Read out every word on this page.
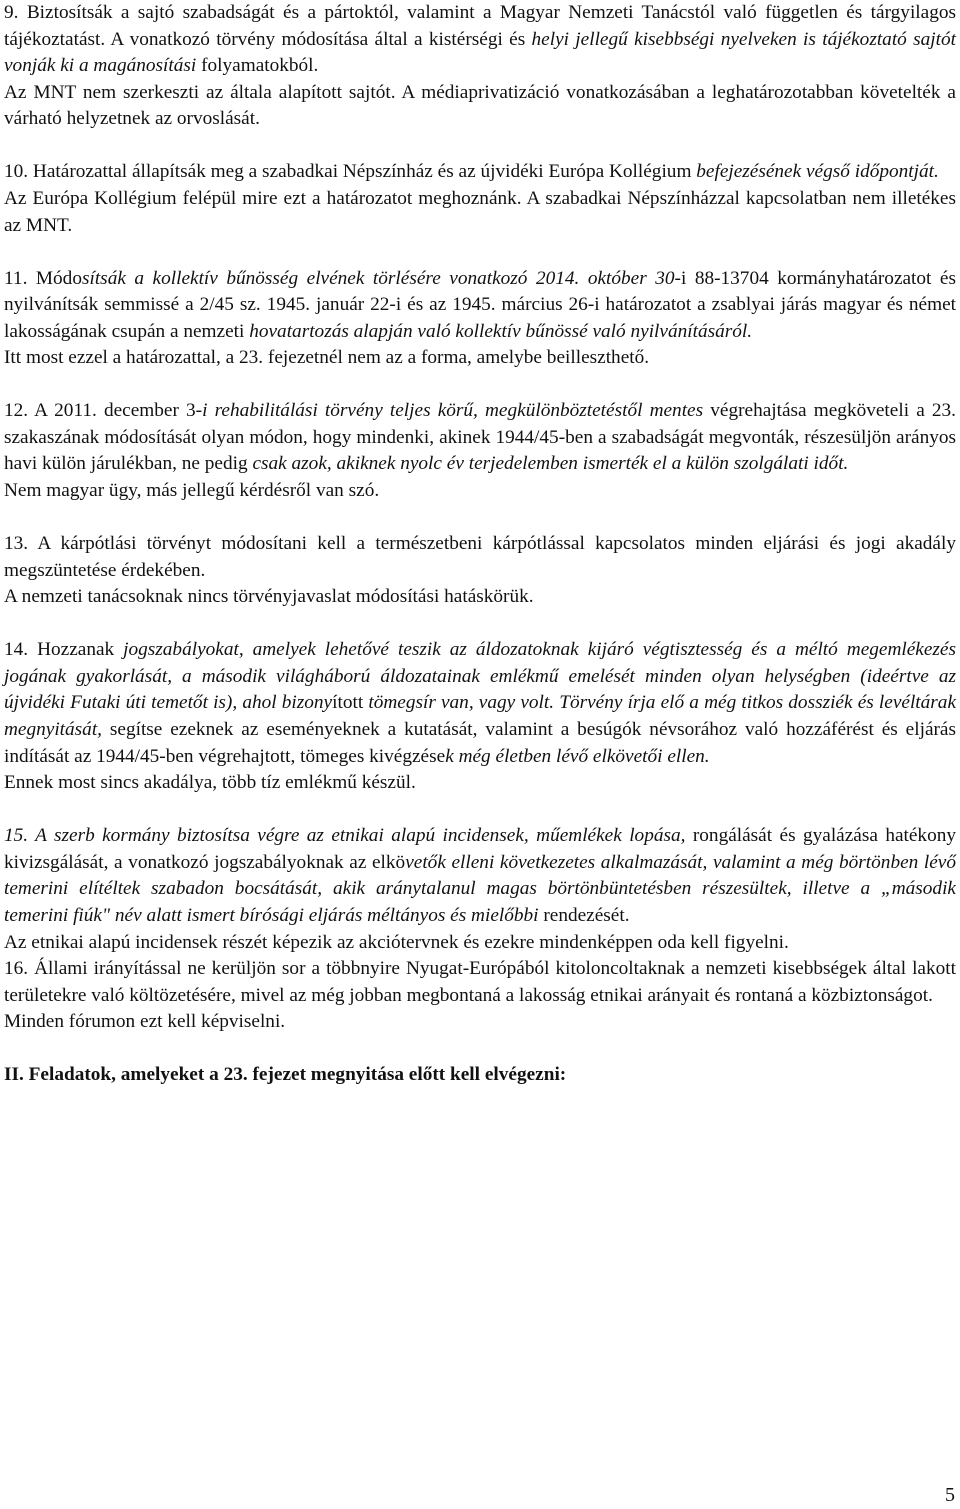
9. Biztosítsák a sajtó szabadságát és a pártoktól, valamint a Magyar Nemzeti Tanácstól való független és tárgyilagos tájékoztatást. A vonatkozó törvény módosítása által a kistérségi és helyi jellegű kisebbségi nyelveken is tájékoztató sajtót vonják ki a magánosítási folyamatokból.

Az MNT nem szerkeszti az általa alapított sajtót. A médiaprivatizáció vonatkozásában a leghatározotabban követelték a várható helyzetnek az orvoslását.

10. Határozattal állapítsák meg a szabadkai Népszínház és az újvidéki Európa Kollégium befejezésének végső időpontját.

Az Európa Kollégium felépül mire ezt a határozatot meghoznánk. A szabadkai Népszínházzal kapcsolatban nem illetékes az MNT.

11. Módosítsák a kollektív bűnösség elvének törlésére vonatkozó 2014. október 30-i 88-13704 kormányhatározatot és nyilvánítsák semmissé a 2/45 sz. 1945. január 22-i és az 1945. március 26-i határozatot a zsablyai járás magyar és német lakosságának csupán a nemzeti hovatartozás alapján való kollektív bűnössé való nyilvánításáról.

Itt most ezzel a határozattal, a 23. fejezetnél nem az a forma, amelybe beilleszthető.

12. A 2011. december 3-i rehabilitálási törvény teljes körű, megkülönböztetéstől mentes végrehajtása megköveteli a 23. szakaszának módosítását olyan módon, hogy mindenki, akinek 1944/45-ben a szabadságát megvonták, részesüljön arányos havi külön járulékban, ne pedig csak azok, akiknek nyolc év terjedelemben ismerték el a külön szolgálati időt.

Nem magyar ügy, más jellegű kérdésről van szó.

13. A kárpótlási törvényt módosítani kell a természetbeni kárpótlással kapcsolatos minden eljárási és jogi akadály megszüntetése érdekében.

A nemzeti tanácsoknak nincs törvényjavaslat módosítási hatáskörük.

14. Hozzanak jogszabályokat, amelyek lehetővé teszik az áldozatoknak kijáró végtisztesség és a méltó megemlékezés jogának gyakorlását, a második világháború áldozatainak emlékmű emelését minden olyan helységben (ideértve az újvidéki Futaki úti temetőt is), ahol bizonyított tömegsír van, vagy volt. Törvény írja elő a még titkos dossziék és levéltárak megnyitását, segítse ezeknek az eseményeknek a kutatását, valamint a besúgók névsorához való hozzáférést és eljárás indítását az 1944/45-ben végrehajtott, tömeges kivégzések még életben lévő elkövetői ellen.

Ennek most sincs akadálya, több tíz emlékmű készül.

15. A szerb kormány biztosítsa végre az etnikai alapú incidensek, műemlékek lopása, rongálását és gyalázása hatékony kivizsgálását, a vonatkozó jogszabályoknak az elkövetők elleni következetes alkalmazását, valamint a még börtönben lévő temerini elítéltek szabadon bocsátását, akik aránytalanul magas börtönbüntetésben részesültek, illetve a „második temerini fiúk" név alatt ismert bírósági eljárás méltányos és mielőbbi rendezését.

Az etnikai alapú incidensek részét képezik az akciótervnek és ezekre mindenképpen oda kell figyelni.

16. Állami irányítással ne kerüljön sor a többnyire Nyugat-Európából kitoloncoltaknak a nemzeti kisebbségek által lakott területekre való költözetésére, mivel az még jobban megbontaná a lakosság etnikai arányait és rontaná a közbiztonságot.

Minden fórumon ezt kell képviselni.

II. Feladatok, amelyeket a 23. fejezet megnyitása előtt kell elvégezni:

5
